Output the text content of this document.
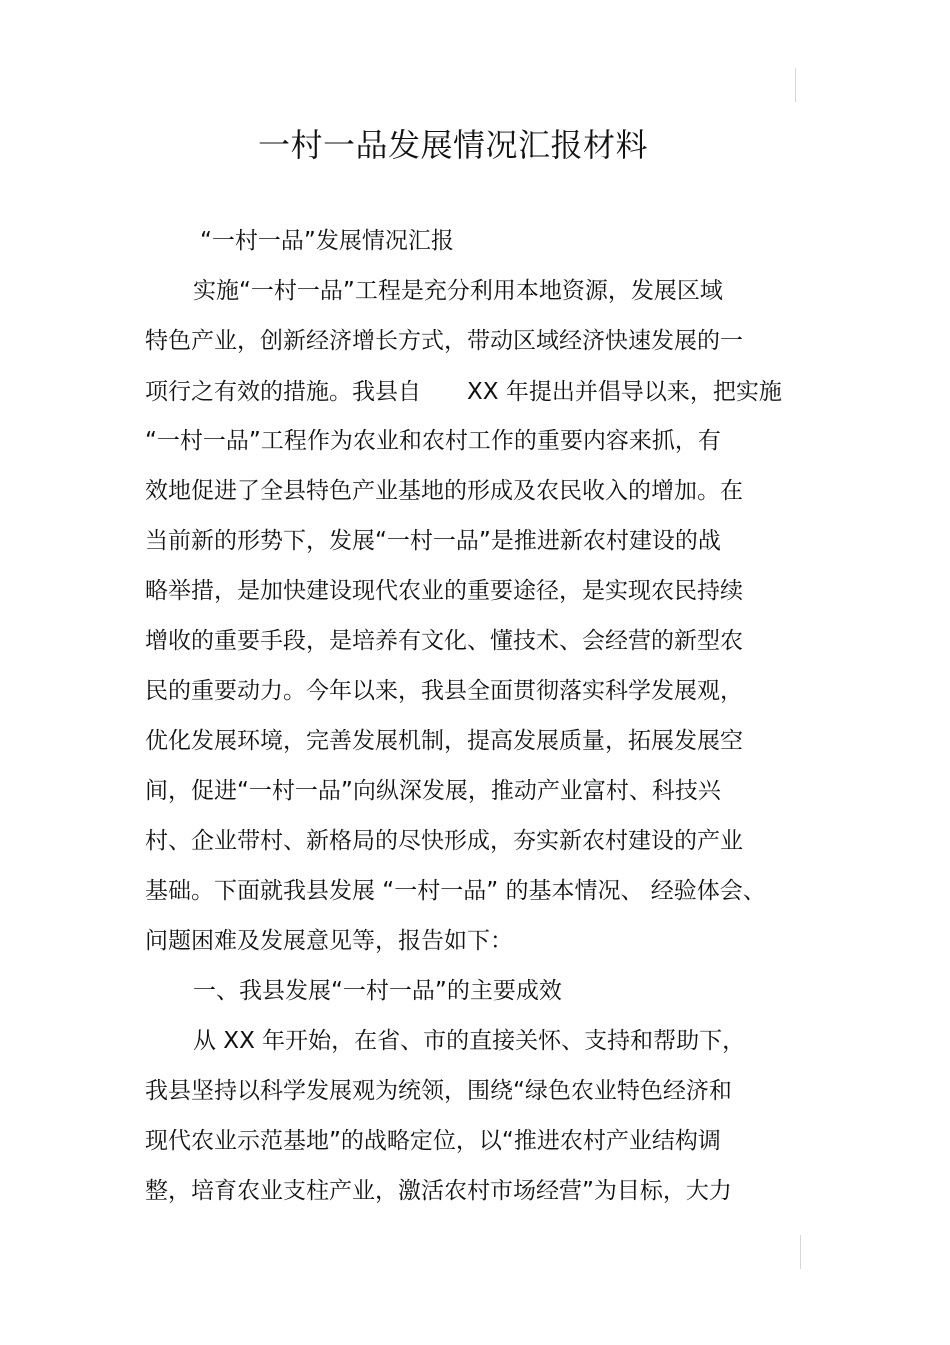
一村一品发展情况汇报材料
“一村一品”发展情况汇报
实施“一村一品”工程是充分利用本地资源，发展区域
特色产业，创新经济增长方式，带动区域经济快速发展的一
项行之有效的措施。我县自　　XX 年提出并倡导以来，把实施
“一村一品”工程作为农业和农村工作的重要内容来抓，有
效地促进了全县特色产业基地的形成及农民收入的增加。在
当前新的形势下，发展“一村一品”是推进新农村建设的战
略举措，是加快建设现代农业的重要途径，是实现农民持续
增收的重要手段，是培养有文化、懂技术、会经营的新型农
民的重要动力。今年以来，我县全面贯彻落实科学发展观，
优化发展环境，完善发展机制，提高发展质量，拓展发展空
间，促进“一村一品”向纵深发展，推动产业富村、科技兴
村、企业带村、新格局的尽快形成，夯实新农村建设的产业
基础。下面就我县发展 “一村一品” 的基本情况、 经验体会、
问题困难及发展意见等，报告如下：
一、我县发展“一村一品”的主要成效
从 XX 年开始，在省、市的直接关怀、支持和帮助下，
我县坚持以科学发展观为统领，围绕“绿色农业特色经济和
现代农业示范基地”的战略定位，以“推进农村产业结构调
整，培育农业支柱产业，激活农村市场经营”为目标，大力
